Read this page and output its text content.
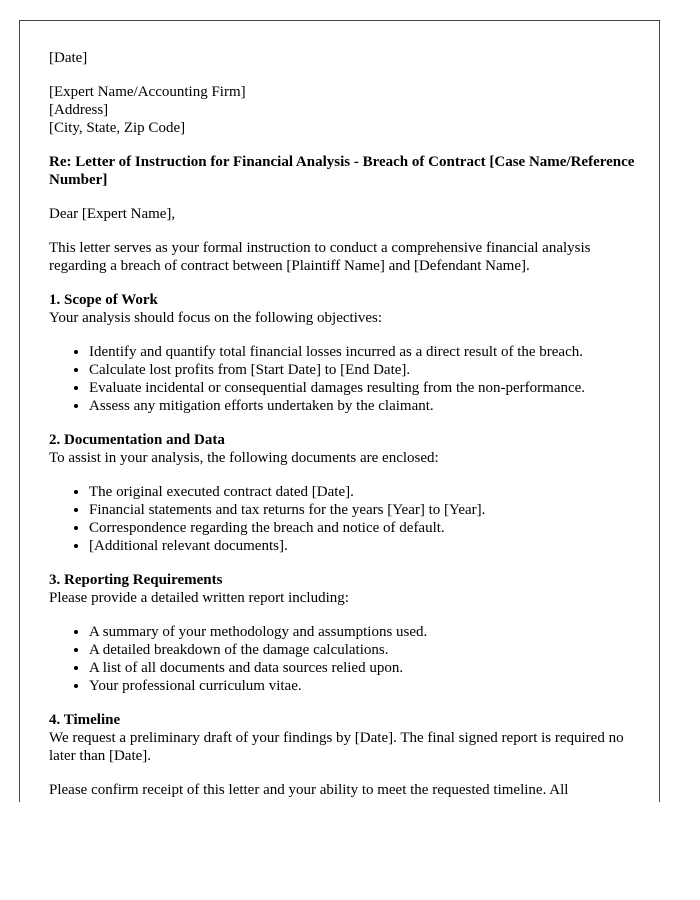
[Date]

[Expert Name/Accounting Firm]

[Address]

[City, State, Zip Code]

Re: Letter of Instruction for Financial Analysis - Breach of Contract [Case Name/Reference Number]

Dear [Expert Name],

This letter serves as your formal instruction to conduct a comprehensive financial analysis regarding a breach of contract between [Plaintiff Name] and [Defendant Name].

1. Scope of Work

Your analysis should focus on the following objectives:

• Identify and quantify total financial losses incurred as a direct result of the breach.
• Calculate lost profits from [Start Date] to [End Date].
• Evaluate incidental or consequential damages resulting from the non-performance.
• Assess any mitigation efforts undertaken by the claimant.

2. Documentation and Data

To assist in your analysis, the following documents are enclosed:

• The original executed contract dated [Date].
• Financial statements and tax returns for the years [Year] to [Year].
• Correspondence regarding the breach and notice of default.
• [Additional relevant documents].

3. Reporting Requirements

Please provide a detailed written report including:

• A summary of your methodology and assumptions used.
• A detailed breakdown of the damage calculations.
• A list of all documents and data sources relied upon.
• Your professional curriculum vitae.

4. Timeline

We request a preliminary draft of your findings by [Date]. The final signed report is required no later than [Date].

Please confirm receipt of this letter and your ability to meet the requested timeline. All
